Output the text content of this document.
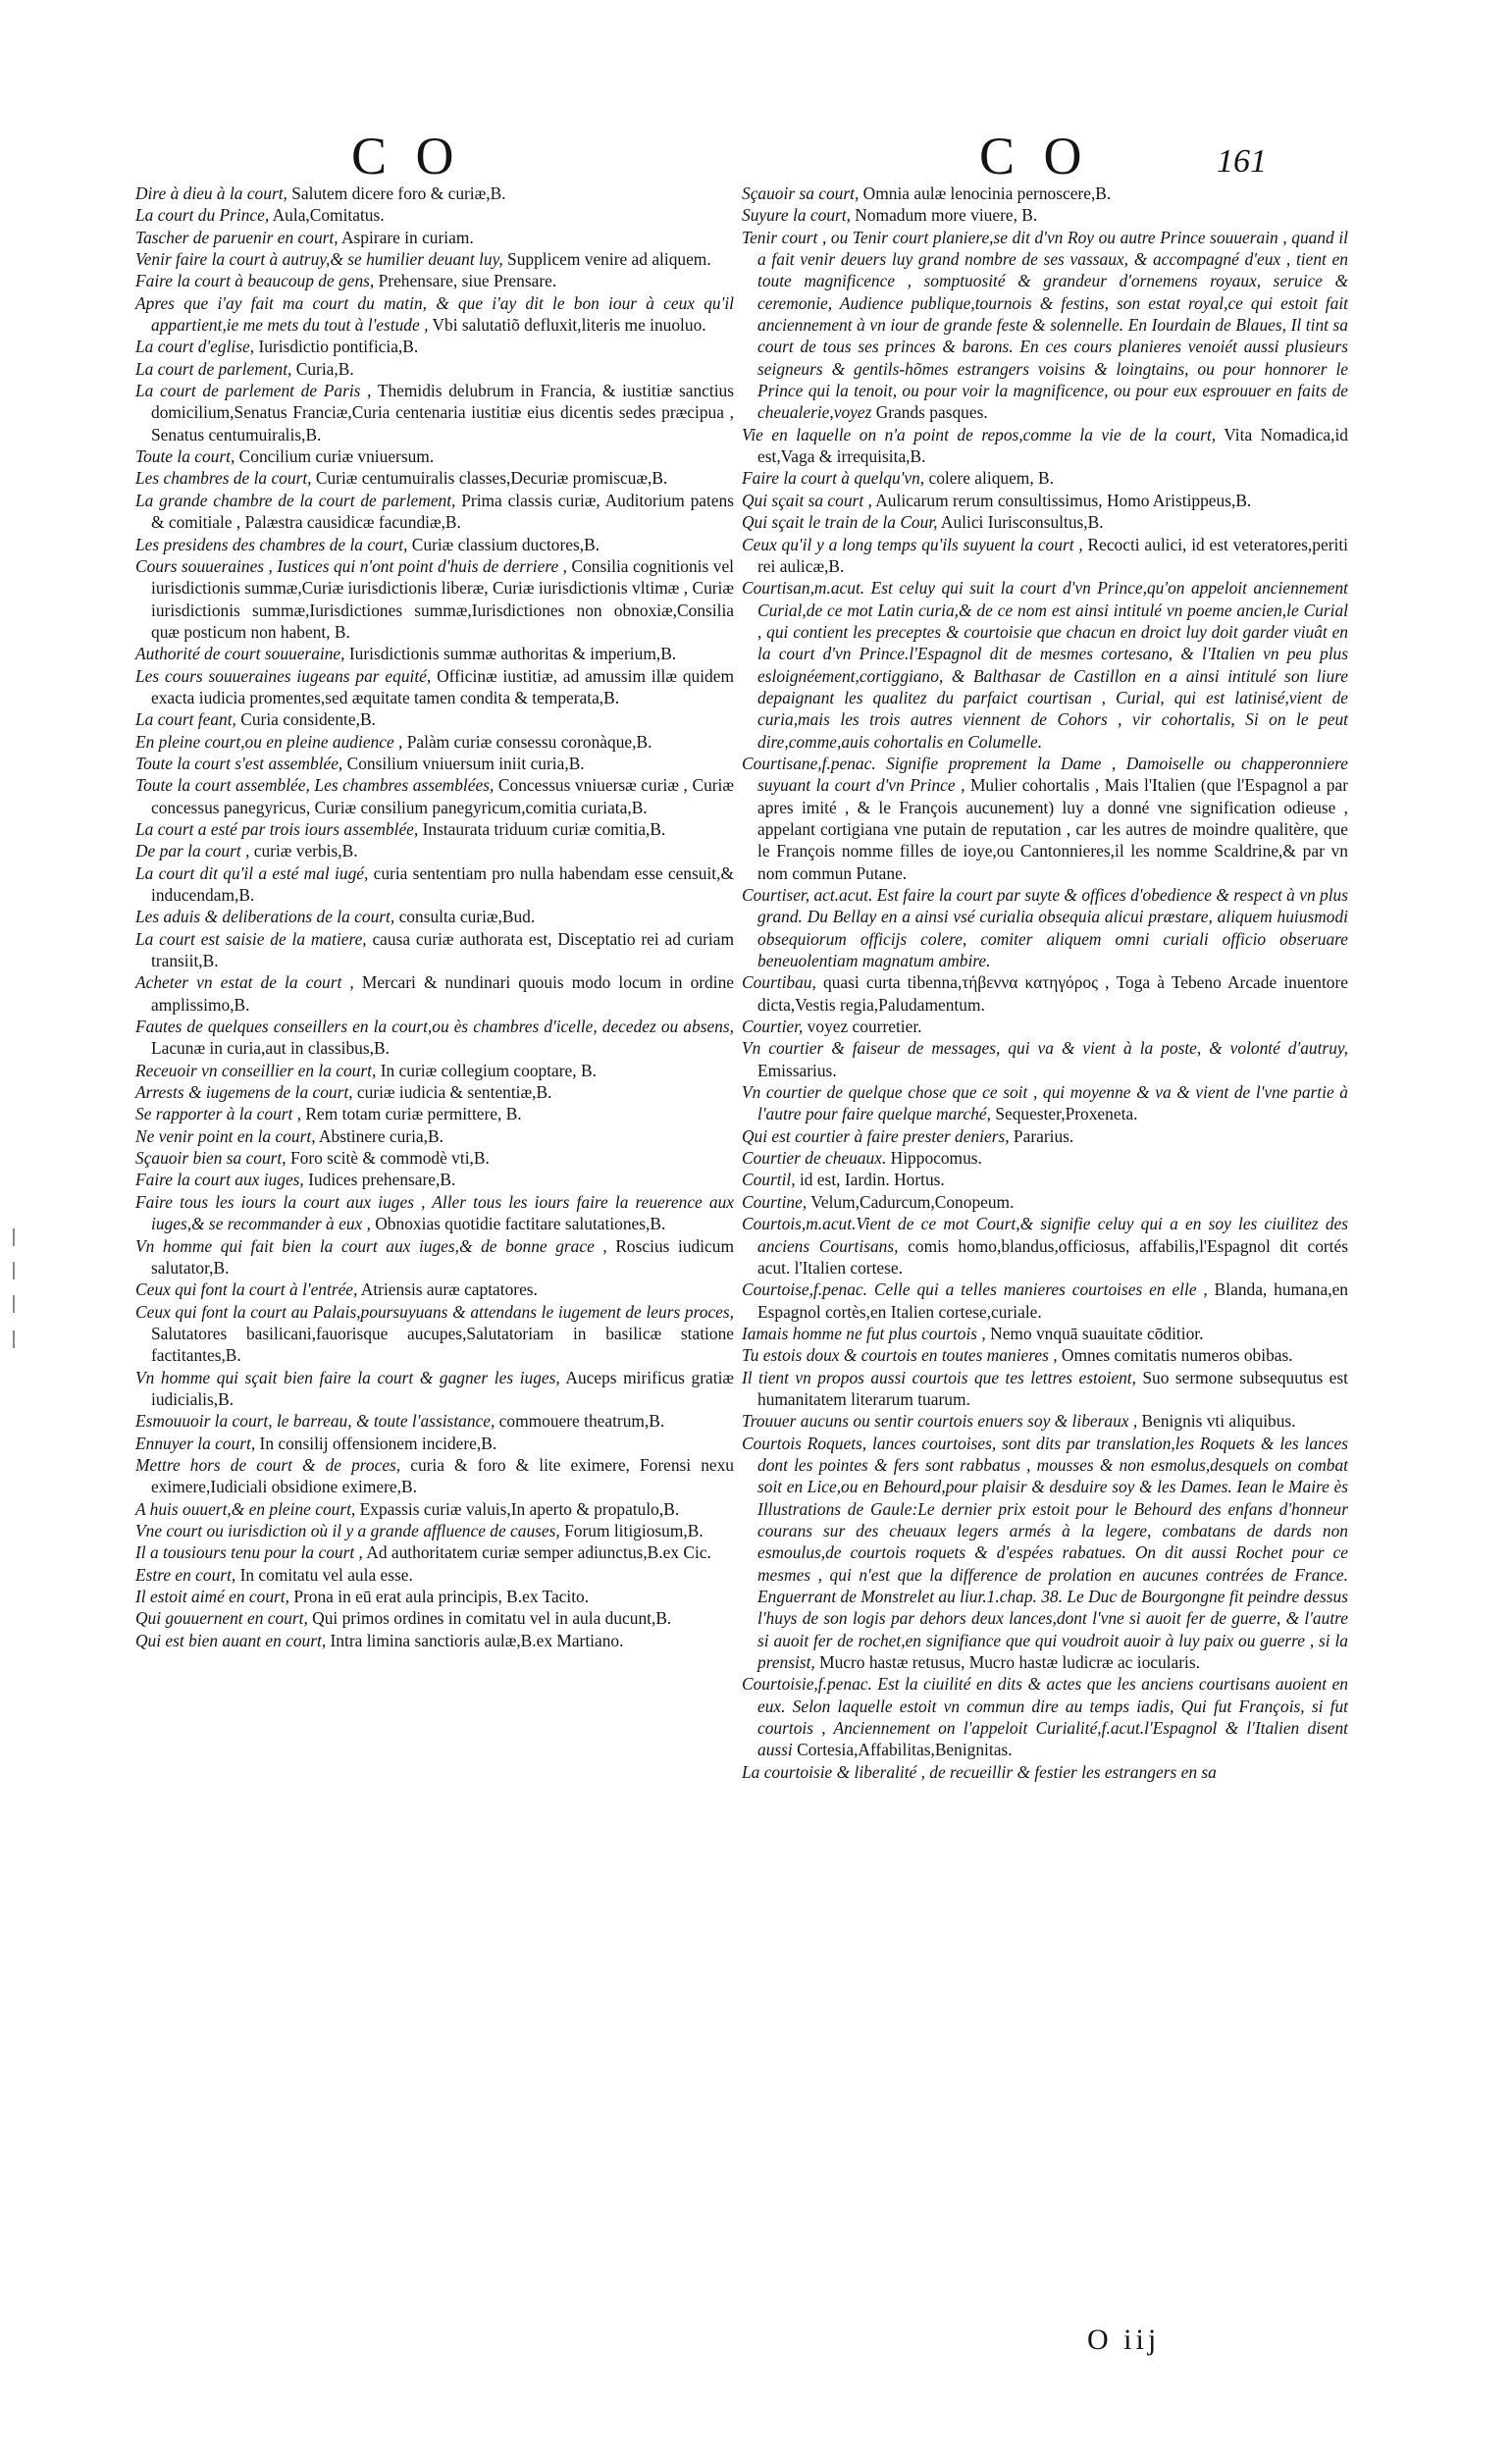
C O	C O	161

Dire à dieu à la court, Salutem dicere foro & curiæ,B.

La court du Prince, Aula,Comitatus.

Tascher de paruenir en court, Aspirare in curiam.

Venir faire la court à autruy,& se humilier deuant luy, Supplicem venire ad aliquem.

Faire la court à beaucoup de gens, Prehensare, siue Prensare.

Apres que i'ay fait ma court du matin, & que i'ay dit le bon iour à ceux qu'il appartient,ie me mets du tout à l'estude , Vbi salutatiõ defluxit,literis me inuoluo.

La court d'eglise, Iurisdictio pontificia,B.

La court de parlement, Curia,B.

La court de parlement de Paris , Themidis delubrum in Francia, & iustitiæ sanctius domicilium,Senatus Franciæ,Curia centenaria iustitiæ eius dicentis sedes præcipua , Senatus centumuiralis,B.

Toute la court, Concilium curiæ vniuersum.

Les chambres de la court, Curiæ centumuiralis classes,Decuriæ promiscuæ,B.

La grande chambre de la court de parlement, Prima classis curiæ, Auditorium patens & comitiale , Palæstra causidicæ facundiæ,B.

Les presidens des chambres de la court, Curiæ classium ductores,B.

Cours souueraines , Iustices qui n'ont point d'huis de derriere , Consilia cognitionis vel iurisdictionis summæ,Curiæ iurisdictionis liberæ, Curiæ iurisdictionis vltimæ , Curiæ iurisdictionis summæ,Iurisdictiones summæ,Iurisdictiones non obnoxiæ,Consilia quæ posticum non habent, B.

Authorité de court souueraine, Iurisdictionis summæ authoritas & imperium,B.

Les cours souueraines iugeans par equité, Officinæ iustitiæ, ad amussim illæ quidem exacta iudicia promentes,sed æquitate tamen condita & temperata,B.

La court feant, Curia considente,B.

En pleine court,ou en pleine audience , Palàm curiæ consessu coronàque,B.

Toute la court s'est assemblée, Consilium vniuersum iniit curia,B.

Toute la court assemblée, Les chambres assemblées, Concessus vniuersæ curiæ , Curiæ concessus panegyricus, Curiæ consilium panegyricum,comitia curiata,B.

La court a esté par trois iours assemblée, Instaurata triduum curiæ comitia,B.

De par la court , curiæ verbis,B.

La court dit qu'il a esté mal iugé, curia sententiam pro nulla habendam esse censuit,& inducendam,B.

Les aduis & deliberations de la court, consulta curiæ,Bud.

La court est saisie de la matiere, causa curiæ authorata est, Disceptatio rei ad curiam transiit,B.

Acheter vn estat de la court , Mercari & nundinari quouis modo locum in ordine amplissimo,B.

Fautes de quelques conseillers en la court,ou ès chambres d'icelle, decedez ou absens, Lacunæ in curia,aut in classibus,B.

Receuoir vn conseillier en la court, In curiæ collegium cooptare, B.

Arrests & iugemens de la court, curiæ iudicia & sententiæ,B.

Se rapporter à la court , Rem totam curiæ permittere, B.

Ne venir point en la court, Abstinere curia,B.

Sçauoir bien sa court, Foro scitè & commodè vti,B.

Faire la court aux iuges, Iudices prehensare,B.

Faire tous les iours la court aux iuges , Aller tous les iours faire la reuerence aux iuges,& se recommander à eux , Obnoxias quotidie factitare salutationes,B.

Vn homme qui fait bien la court aux iuges,& de bonne grace , Roscius iudicum salutator,B.

Ceux qui font la court à l'entrée, Atriensis auræ captatores.

Ceux qui font la court au Palais,poursuyuans & attendans le iugement de leurs proces, Salutatores basilicani,fauorisque aucupes,Salutatoriam in basilicæ statione factitantes,B.

Vn homme qui sçait bien faire la court & gagner les iuges, Auceps mirificus gratiæ iudicialis,B.

Esmouuoir la court, le barreau, & toute l'assistance, commouere theatrum,B.

Ennuyer la court, In consilij offensionem incidere,B.

Mettre hors de court & de proces, curia & foro & lite eximere, Forensi nexu eximere,Iudiciali obsidione eximere,B.

A huis ouuert,& en pleine court, Expassis curiæ valuis,In aperto & propatulo,B.

Vne court ou iurisdiction où il y a grande affluence de causes, Forum litigiosum,B.

Il a tousiours tenu pour la court , Ad authoritatem curiæ semper adiunctus,B.ex Cic.

Estre en court, In comitatu vel aula esse.

Il estoit aimé en court, Prona in eū erat aula principis, B.ex Tacito.

Qui gouuernent en court, Qui primos ordines in comitatu vel in aula ducunt,B.

Qui est bien auant en court, Intra limina sanctioris aulæ,B.ex Martiano.

Sçauoir sa court, Omnia aulæ lenocinia pernoscere,B.

Suyure la court, Nomadum more viuere, B.

Tenir court , ou Tenir court planiere,se dit d'vn Roy ou autre Prince souuerain , quand il a fait venir deuers luy grand nombre de ses vassaux, & accompagné d'eux , tient en toute magnificence , somptuosité & grandeur d'ornemens royaux, seruice & ceremonie, Audience publique,tournois & festins, son estat royal,ce qui estoit fait anciennement à vn iour de grande feste & solennelle. En Iourdain de Blaues, Il tint sa court de tous ses princes & barons. En ces cours planieres venoiét aussi plusieurs seigneurs & gentils-hõmes estrangers voisins & loingtains, ou pour honnorer le Prince qui la tenoit, ou pour voir la magnificence, ou pour eux esprouuer en faits de cheualerie,voyez Grands pasques.

Vie en laquelle on n'a point de repos,comme la vie de la court, Vita Nomadica,id est,Vaga & irrequisita,B.

Faire la court à quelqu'vn, colere aliquem, B.

Qui sçait sa court , Aulicarum rerum consultissimus, Homo Aristippeus,B.

Qui sçait le train de la Cour, Aulici Iurisconsultus,B.

Ceux qu'il y a long temps qu'ils suyuent la court , Recocti aulici, id est veteratores,periti rei aulicæ,B.

Courtisan,m.acut. Est celuy qui suit la court d'vn Prince,qu'on appeloit anciennement Curial,de ce mot Latin curia,& de ce nom est ainsi intitulé vn poeme ancien,le Curial , qui contient les preceptes & courtoisie que chacun en droict luy doit garder viuât en la court d'vn Prince.l'Espagnol dit de mesmes cortesano, & l'Italien vn peu plus esloignéement,cortiggiano, & Balthasar de Castillon en a ainsi intitulé son liure depaignant les qualitez du parfaict courtisan , Curial, qui est latinisé,vient de curia,mais les trois autres viennent de Cohors , vir cohortalis, Si on le peut dire,comme,auis cohortalis en Columelle.

Courtisane,f.penac. Signifie proprement la Dame , Damoiselle ou chapperonniere suyuant la court d'vn Prince , Mulier cohortalis , Mais l'Italien (que l'Espagnol a par apres imité , & le François aucunement) luy a donné vne signification odieuse , appelant cortigiana vne putain de reputation , car les autres de moindre qualitère, que le François nomme filles de ioye,ou Cantonnieres,il les nomme Scaldrine,& par vn nom commun Putane.

Courtiser, act.acut. Est faire la court par suyte & offices d'obedience & respect à vn plus grand. Du Bellay en a ainsi vsé curialia obsequia alicui præstare, aliquem huiusmodi obsequiorum officijs colere, comiter aliquem omni curiali officio obseruare beneuolentiam magnatum ambire.

Courtibau, quasi curta tibenna,τήβεννα κατηγόρος , Toga à Tebeno Arcade inuentore dicta,Vestis regia,Paludamentum.

Courtier, voyez courretier.

Vn courtier & faiseur de messages, qui va & vient à la poste, & volonté d'autruy, Emissarius.

Vn courtier de quelque chose que ce soit , qui moyenne & va & vient de l'vne partie à l'autre pour faire quelque marché, Sequester,Proxeneta.

Qui est courtier à faire prester deniers, Pararius.

Courtier de cheuaux. Hippocomus.

Courtil, id est, Iardin. Hortus.

Courtine, Velum,Cadurcum,Conopeum.

Courtois,m.acut.Vient de ce mot Court,& signifie celuy qui a en soy les ciuilitez des anciens Courtisans, comis homo,blandus,officiosus, affabilis,l'Espagnol dit cortés acut. l'Italien cortese.

Courtoise,f.penac. Celle qui a telles manieres courtoises en elle , Blanda, humana,en Espagnol cortès,en Italien cortese,curiale.

Iamais homme ne fut plus courtois , Nemo vnquā suauitate cōditior.

Tu estois doux & courtois en toutes manieres , Omnes comitatis numeros obibas.

Il tient vn propos aussi courtois que tes lettres estoient, Suo sermone subsequutus est humanitatem literarum tuarum.

Trouuer aucuns ou sentir courtois enuers soy & liberaux , Benignis vti aliquibus.

Courtois Roquets, lances courtoises, sont dits par translation,les Roquets & les lances dont les pointes & fers sont rabbatus , mousses & non esmolus,desquels on combat soit en Lice,ou en Behourd,pour plaisir & desduire soy & les Dames. Iean le Maire ès Illustrations de Gaule:Le dernier prix estoit pour le Behourd des enfans d'honneur courans sur des cheuaux legers armés à la legere, combatans de dards non esmoulus,de courtois roquets & d'espées rabatues. On dit aussi Rochet pour ce mesmes , qui n'est que la difference de prolation en aucunes contrées de France. Enguerrant de Monstrelet au liur.1.chap. 38. Le Duc de Bourgongne fit peindre dessus l'huys de son logis par dehors deux lances,dont l'vne si auoit fer de guerre, & l'autre si auoit fer de rochet,en signifiance que qui voudroit auoir à luy paix ou guerre , si la prensist, Mucro hastæ retusus, Mucro hastæ ludicræ ac iocularis.

Courtoisie,f.penac. Est la ciuilité en dits & actes que les anciens courtisans auoient en eux. Selon laquelle estoit vn commun dire au temps iadis, Qui fut François, si fut courtois , Anciennement on l'appeloit Curialité,f.acut.l'Espagnol & l'Italien disent aussi Cortesia,Affabilitas,Benignitas.

La courtoisie & liberalité , de recueillir & festier les estrangers en sa

O iij
